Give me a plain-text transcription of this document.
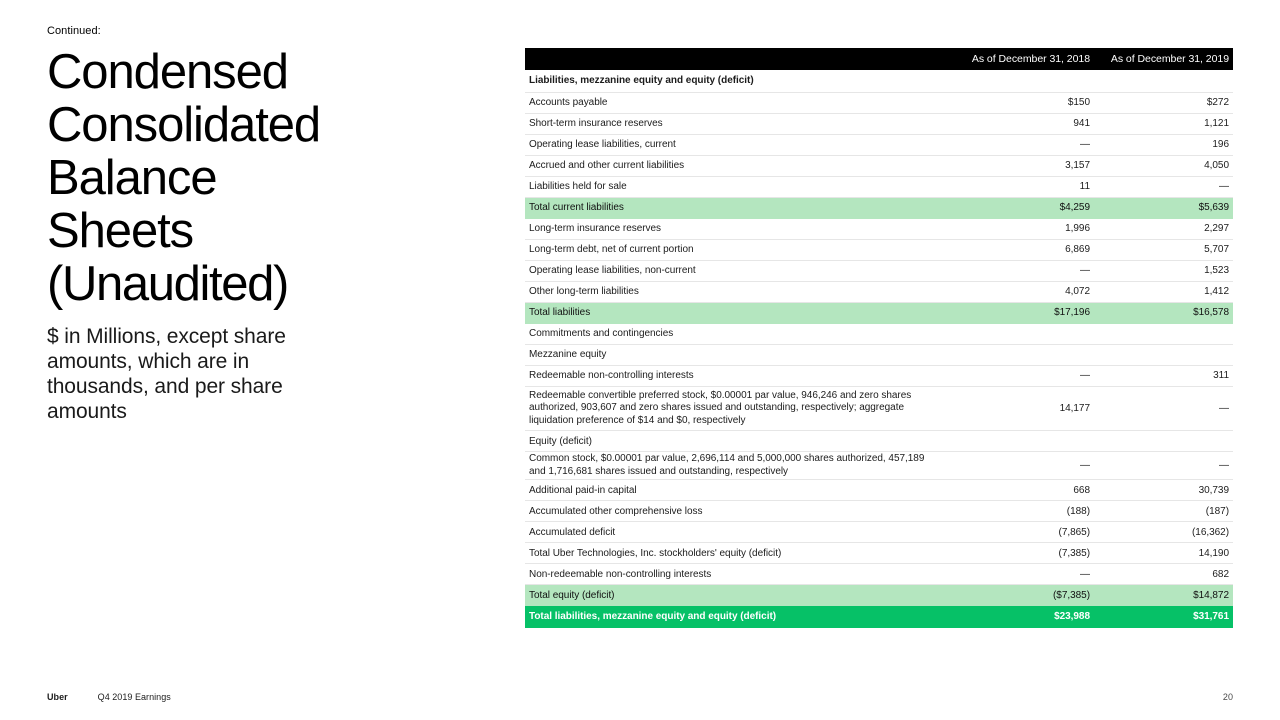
Continued:
Condensed
Consolidated
Balance
Sheets
(Unaudited)
$ in Millions, except share amounts, which are in thousands, and per share amounts
	As of December 31, 2018	As of December 31, 2019
Liabilities, mezzanine equity and equity (deficit)		
Accounts payable	$150	$272
Short-term insurance reserves	941	1,121
Operating lease liabilities, current	—	196
Accrued and other current liabilities	3,157	4,050
Liabilities held for sale	11	—
Total current liabilities	$4,259	$5,639
Long-term insurance reserves	1,996	2,297
Long-term debt, net of current portion	6,869	5,707
Operating lease liabilities, non-current	—	1,523
Other long-term liabilities	4,072	1,412
Total liabilities	$17,196	$16,578
Commitments and contingencies		
Mezzanine equity		
Redeemable non-controlling interests	—	311
Redeemable convertible preferred stock, $0.00001 par value, 946,246 and zero shares authorized, 903,607 and zero shares issued and outstanding, respectively; aggregate liquidation preference of $14 and $0, respectively	14,177	—
Equity (deficit)		
Common stock, $0.00001 par value, 2,696,114 and 5,000,000 shares authorized, 457,189 and 1,716,681 shares issued and outstanding, respectively	—	—
Additional paid-in capital	668	30,739
Accumulated other comprehensive loss	(188)	(187)
Accumulated deficit	(7,865)	(16,362)
Total Uber Technologies, Inc. stockholders' equity (deficit)	(7,385)	14,190
Non-redeemable non-controlling interests	—	682
Total equity (deficit)	($7,385)	$14,872
Total liabilities, mezzanine equity and equity (deficit)	$23,988	$31,761
Uber	Q4 2019 Earnings	20
